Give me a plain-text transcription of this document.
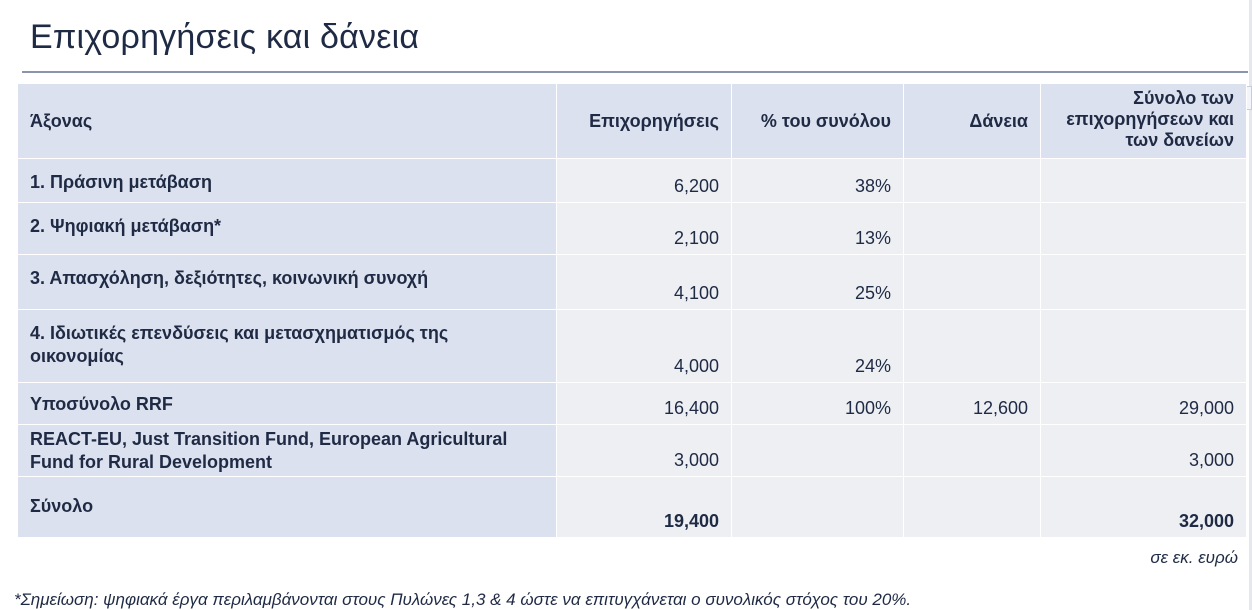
Επιχορηγήσεις και δάνεια
Άξονας	Επιχορηγήσεις	% του συνόλου	Δάνεια	Σύνολο των επιχορηγήσεων και των δανείων
1. Πράσινη μετάβαση	6,200	38%		
2. Ψηφιακή μετάβαση*	2,100	13%		
3. Απασχόληση, δεξιότητες, κοινωνική συνοχή	4,100	25%		
4. Ιδιωτικές επενδύσεις και μετασχηματισμός της οικονομίας	4,000	24%		
Υποσύνολο RRF	16,400	100%	12,600	29,000
REACT-EU, Just Transition Fund, European Agricultural Fund for Rural Development	3,000			3,000
Σύνολο	19,400			32,000
σε εκ. ευρώ
*Σημείωση: ψηφιακά έργα περιλαμβάνονται στους Πυλώνες 1,3 & 4 ώστε να επιτυγχάνεται ο συνολικός στόχος του 20%.
